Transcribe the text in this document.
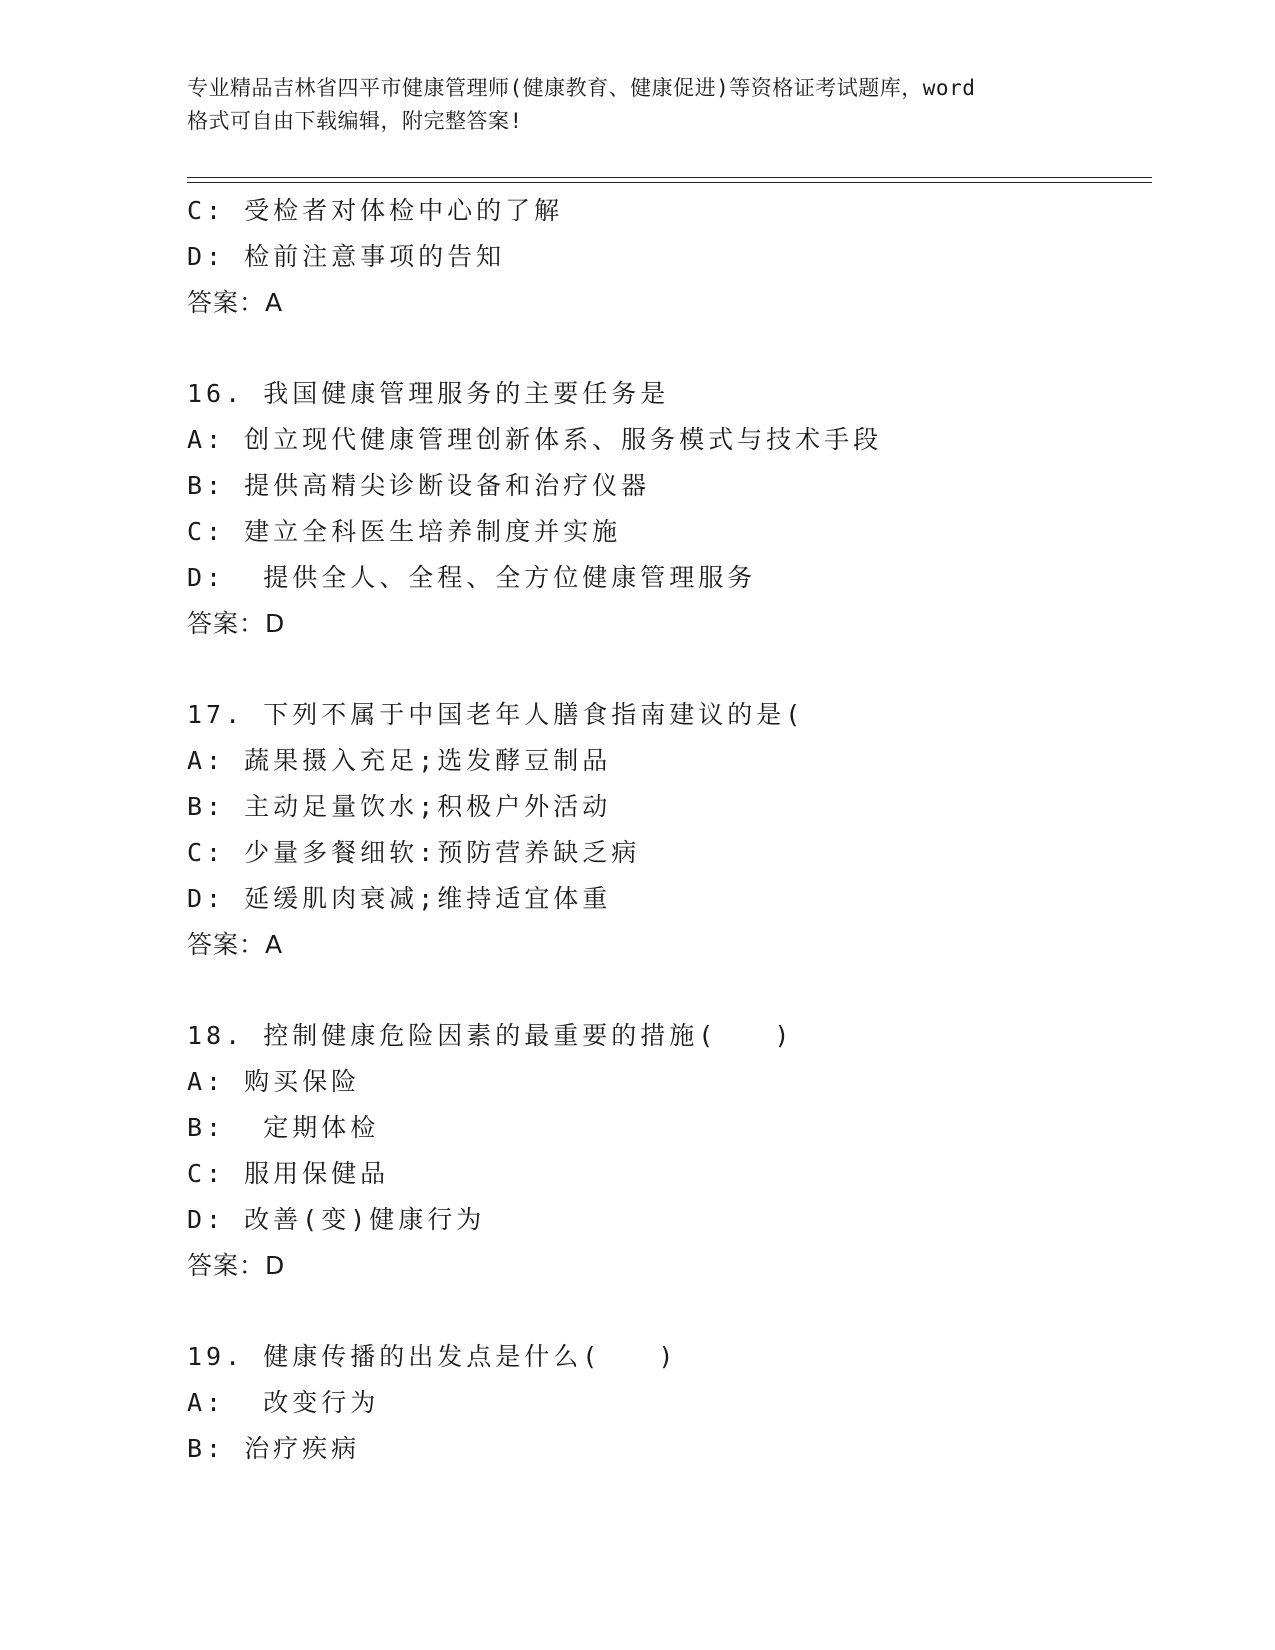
专业精品吉林省四平市健康管理师(健康教育、健康促进)等资格证考试题库，word
格式可自由下载编辑，附完整答案!
C: 受检者对体检中心的了解
D: 检前注意事项的告知
答案：A
16. 我国健康管理服务的主要任务是
A: 创立现代健康管理创新体系、服务模式与技术手段
B: 提供高精尖诊断设备和治疗仪器
C: 建立全科医生培养制度并实施
D:  提供全人、全程、全方位健康管理服务
答案：D
17. 下列不属于中国老年人膳食指南建议的是(
A: 蔬果摄入充足;选发酵豆制品
B: 主动足量饮水;积极户外活动
C: 少量多餐细软:预防营养缺乏病
D: 延缓肌肉衰减;维持适宜体重
答案：A
18. 控制健康危险因素的最重要的措施(   )
A: 购买保险
B:  定期体检
C: 服用保健品
D: 改善(变)健康行为
答案：D
19. 健康传播的出发点是什么(   )
A:  改变行为
B: 治疗疾病
